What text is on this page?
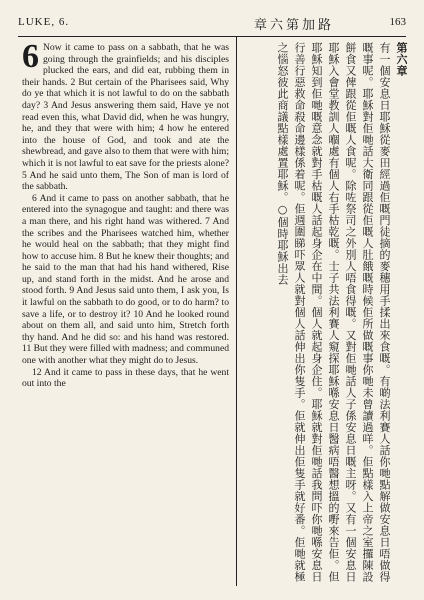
LUKE, 6.	章六第加路	163

6 Now it came to pass on a sabbath, that he was going through the grainfields; and his disciples plucked the ears, and did eat, rubbing them in their hands. 2 But certain of the Pharisees said, Why do ye that which it is not lawful to do on the sabbath day? 3 And Jesus answering them said, Have ye not read even this, what David did, when he was hungry, he, and they that were with him; 4 how he entered into the house of God, and took and ate the shewbread, and gave also to them that were with him; which it is not lawful to eat save for the priests alone? 5 And he said unto them, The Son of man is lord of the sabbath.

6 And it came to pass on another sabbath, that he entered into the synagogue and taught: and there was a man there, and his right hand was withered. 7 And the scribes and the Pharisees watched him, whether he would heal on the sabbath; that they might find how to accuse him. 8 But he knew their thoughts; and he said to the man that had his hand withered, Rise up, and stand forth in the midst. And he arose and stood forth. 9 And Jesus said unto them, I ask you, Is it lawful on the sabbath to do good, or to do harm? to save a life, or to destroy it? 10 And he looked round about on them all, and said unto him, Stretch forth thy hand. And he did so: and his hand was restored. 11 But they were filled with madness; and communed one with another what they might do to Jesus.

12 And it came to pass in these days, that he went out into the

第六章
有一個安息日耶穌從麥田經過佢嘅門徒摘的麥穗用手揉出來食嘅。有啲法利賽人話你哋點解做安息日唔做得嘅事呢。耶穌對佢哋話大衛同跟從佢嘅人肚餓嘅時候佢所做嘅事你哋未曾讀過咩。佢點樣入上帝之室攞陳設餅食又俾跟從佢嘅人食呢。除咗祭司之外別人唔食得嘅。又對佢哋話人子係安息日嘅主呀。又有一個安息日耶穌入會堂教訓人嗰處有個人右手枯乾嘅。士子共法利賽人窺探耶穌喺安息日醫病唔醫想搵的嘢來告佢。但耶穌知到佢哋嘅意念就對手枯嘅人話起身企在中間。個人就起身企住。耶穌就對佢哋話我問吓你哋喺安息日行善行惡救命殺命邊樣係着呢。佢週圍睇吓眾人就對個人話伸出你隻手。佢就伸出佢隻手就好番。佢哋就極之惱怒彼此商議點樣處置耶穌。○個時耶穌出去
